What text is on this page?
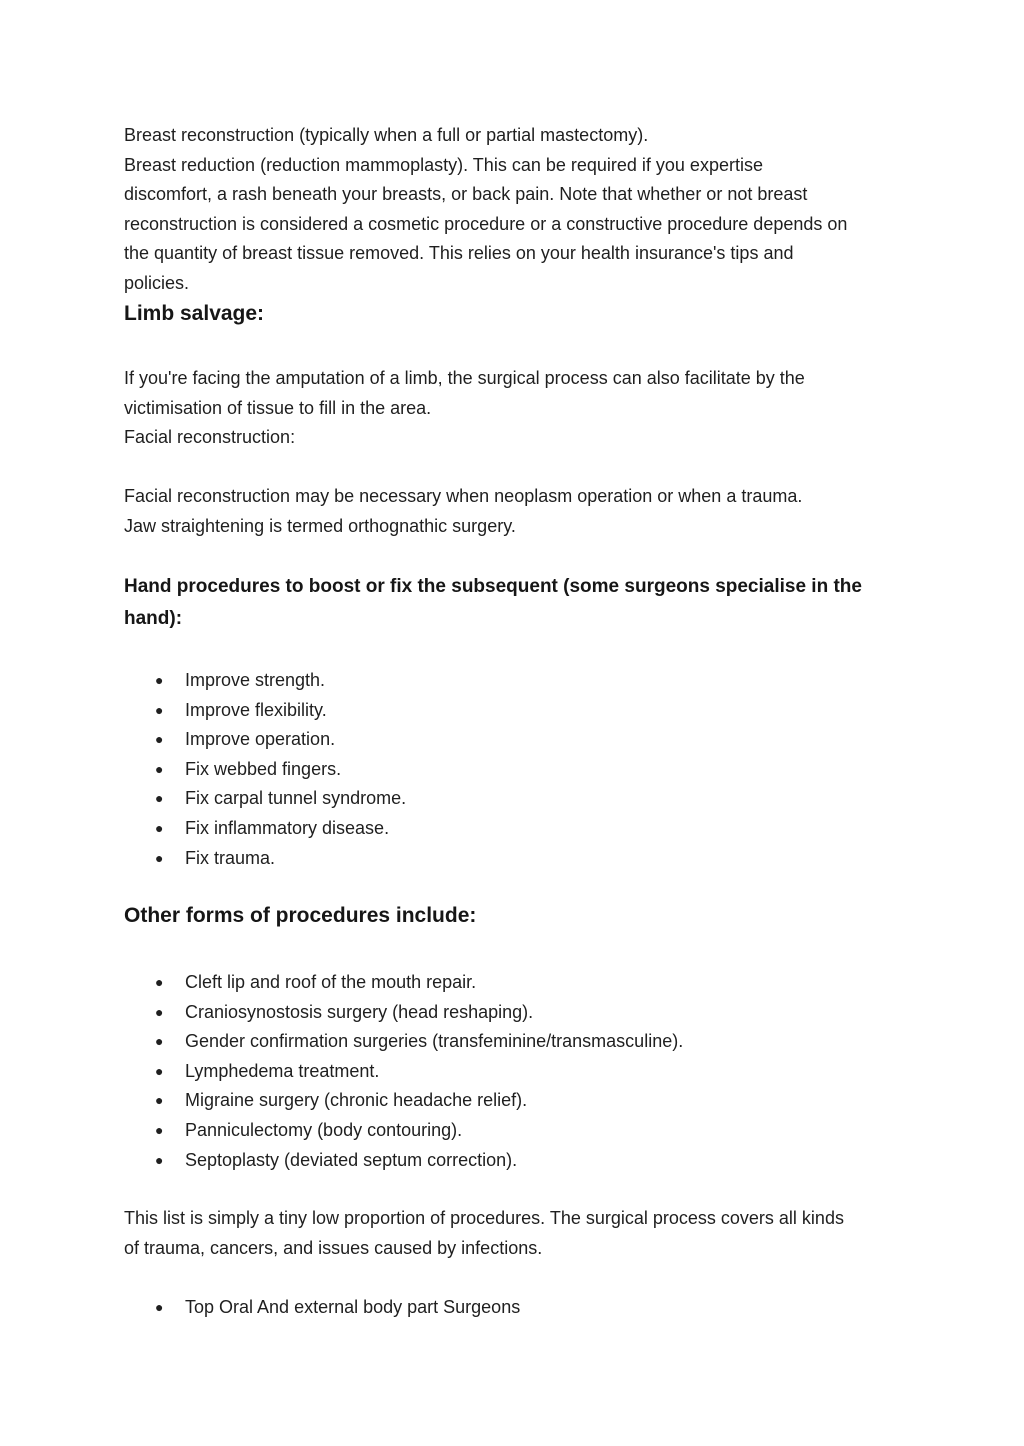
Breast reconstruction (typically when a full or partial mastectomy).

Breast reduction (reduction mammoplasty). This can be required if you expertise

discomfort, a rash beneath your breasts, or back pain. Note that whether or not breast

reconstruction is considered a cosmetic procedure or a constructive procedure depends on

the quantity of breast tissue removed. This relies on your health insurance's tips and

policies.

Limb salvage:

If you're facing the amputation of a limb, the surgical process can also facilitate by the

victimisation of tissue to fill in the area.

Facial reconstruction:

Facial reconstruction may be necessary when neoplasm operation or when a trauma.

Jaw straightening is termed orthognathic surgery.

Hand procedures to boost or fix the subsequent (some surgeons specialise in the

hand):

● Improve strength.
● Improve flexibility.
● Improve operation.
● Fix webbed fingers.
● Fix carpal tunnel syndrome.
● Fix inflammatory disease.
● Fix trauma.

Other forms of procedures include:

● Cleft lip and roof of the mouth repair.
● Craniosynostosis surgery (head reshaping).
● Gender confirmation surgeries (transfeminine/transmasculine).
● Lymphedema treatment.
● Migraine surgery (chronic headache relief).
● Panniculectomy (body contouring).
● Septoplasty (deviated septum correction).

This list is simply a tiny low proportion of procedures. The surgical process covers all kinds

of trauma, cancers, and issues caused by infections.

● Top Oral And external body part Surgeons
